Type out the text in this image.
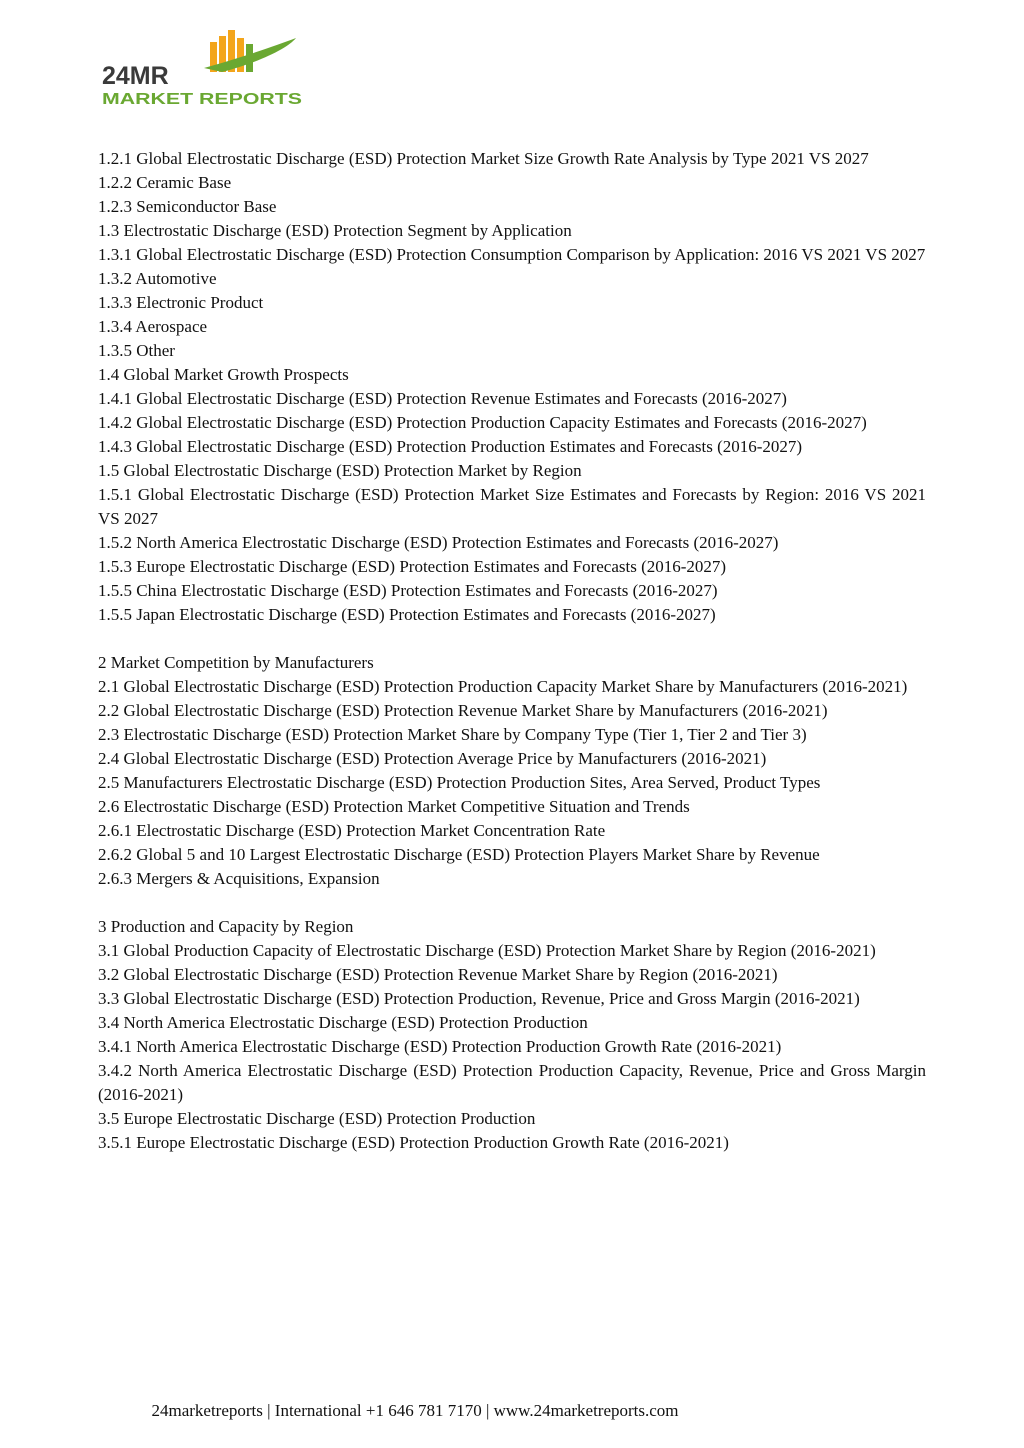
24MR
MARKET REPORTS
1.2.1 Global Electrostatic Discharge (ESD) Protection Market Size Growth Rate Analysis by Type 2021 VS 2027
1.2.2 Ceramic Base
1.2.3 Semiconductor Base
1.3 Electrostatic Discharge (ESD) Protection Segment by Application
1.3.1 Global Electrostatic Discharge (ESD) Protection Consumption Comparison by Application: 2016 VS 2021 VS 2027
1.3.2 Automotive
1.3.3 Electronic Product
1.3.4 Aerospace
1.3.5 Other
1.4 Global Market Growth Prospects
1.4.1 Global Electrostatic Discharge (ESD) Protection Revenue Estimates and Forecasts (2016-2027)
1.4.2 Global Electrostatic Discharge (ESD) Protection Production Capacity Estimates and Forecasts (2016-2027)
1.4.3 Global Electrostatic Discharge (ESD) Protection Production Estimates and Forecasts (2016-2027)
1.5 Global Electrostatic Discharge (ESD) Protection Market by Region
1.5.1 Global Electrostatic Discharge (ESD) Protection Market Size Estimates and Forecasts by Region: 2016 VS 2021 VS 2027
1.5.2 North America Electrostatic Discharge (ESD) Protection Estimates and Forecasts (2016-2027)
1.5.3 Europe Electrostatic Discharge (ESD) Protection Estimates and Forecasts (2016-2027)
1.5.5 China Electrostatic Discharge (ESD) Protection Estimates and Forecasts (2016-2027)
1.5.5 Japan Electrostatic Discharge (ESD) Protection Estimates and Forecasts (2016-2027)
2 Market Competition by Manufacturers
2.1 Global Electrostatic Discharge (ESD) Protection Production Capacity Market Share by Manufacturers (2016-2021)
2.2 Global Electrostatic Discharge (ESD) Protection Revenue Market Share by Manufacturers (2016-2021)
2.3 Electrostatic Discharge (ESD) Protection Market Share by Company Type (Tier 1, Tier 2 and Tier 3)
2.4 Global Electrostatic Discharge (ESD) Protection Average Price by Manufacturers (2016-2021)
2.5 Manufacturers Electrostatic Discharge (ESD) Protection Production Sites, Area Served, Product Types
2.6 Electrostatic Discharge (ESD) Protection Market Competitive Situation and Trends
2.6.1 Electrostatic Discharge (ESD) Protection Market Concentration Rate
2.6.2 Global 5 and 10 Largest Electrostatic Discharge (ESD) Protection Players Market Share by Revenue
2.6.3 Mergers & Acquisitions, Expansion
3 Production and Capacity by Region
3.1 Global Production Capacity of Electrostatic Discharge (ESD) Protection Market Share by Region (2016-2021)
3.2 Global Electrostatic Discharge (ESD) Protection Revenue Market Share by Region (2016-2021)
3.3 Global Electrostatic Discharge (ESD) Protection Production, Revenue, Price and Gross Margin (2016-2021)
3.4 North America Electrostatic Discharge (ESD) Protection Production
3.4.1 North America Electrostatic Discharge (ESD) Protection Production Growth Rate (2016-2021)
3.4.2 North America Electrostatic Discharge (ESD) Protection Production Capacity, Revenue, Price and Gross Margin (2016-2021)
3.5 Europe Electrostatic Discharge (ESD) Protection Production
3.5.1 Europe Electrostatic Discharge (ESD) Protection Production Growth Rate (2016-2021)
24marketreports | International +1 646 781 7170 | www.24marketreports.com
